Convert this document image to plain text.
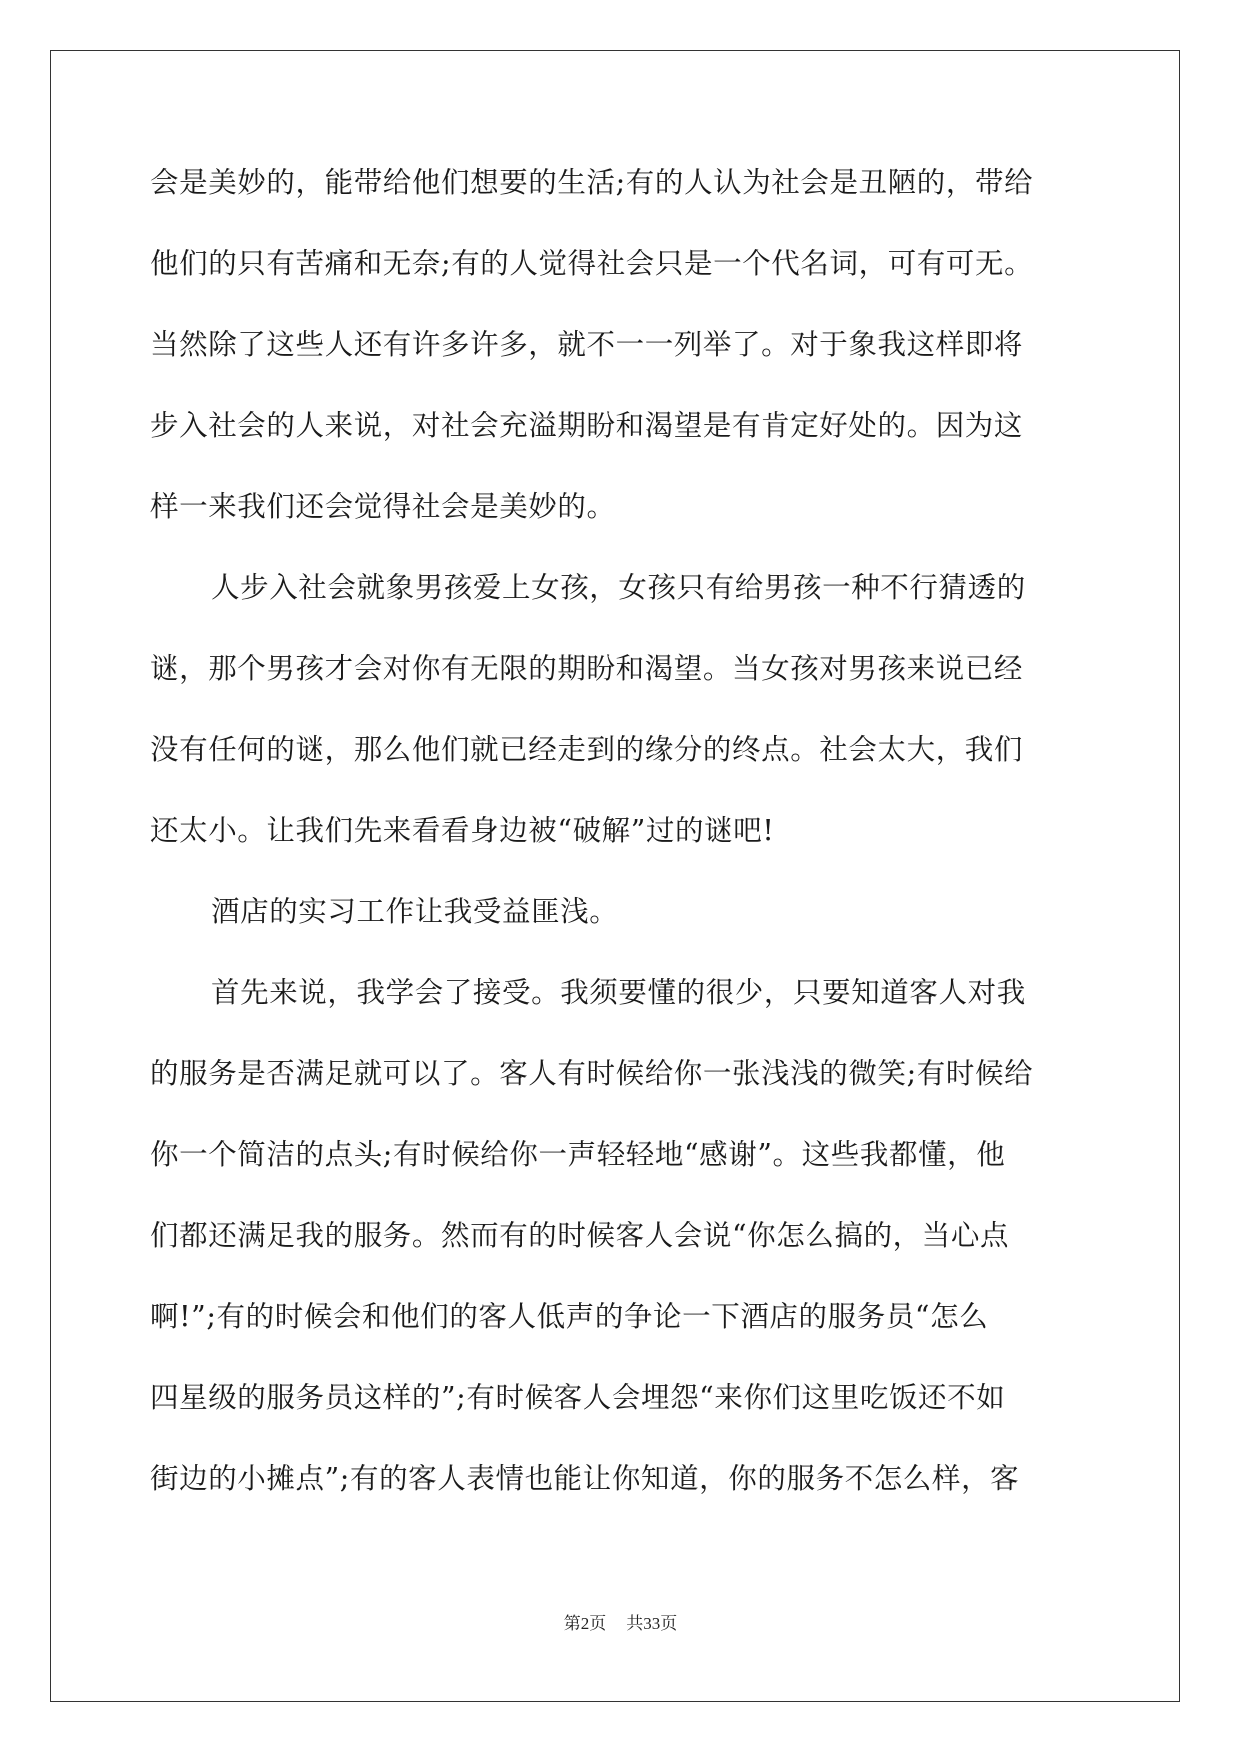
会是美妙的，能带给他们想要的生活;有的人认为社会是丑陋的，带给
他们的只有苦痛和无奈;有的人觉得社会只是一个代名词，可有可无。
当然除了这些人还有许多许多，就不一一列举了。对于象我这样即将
步入社会的人来说，对社会充溢期盼和渴望是有肯定好处的。因为这
样一来我们还会觉得社会是美妙的。
人步入社会就象男孩爱上女孩，女孩只有给男孩一种不行猜透的
谜，那个男孩才会对你有无限的期盼和渴望。当女孩对男孩来说已经
没有任何的谜，那么他们就已经走到的缘分的终点。社会太大，我们
还太小。让我们先来看看身边被“破解”过的谜吧!
酒店的实习工作让我受益匪浅。
首先来说，我学会了接受。我须要懂的很少，只要知道客人对我
的服务是否满足就可以了。客人有时候给你一张浅浅的微笑;有时候给
你一个简洁的点头;有时候给你一声轻轻地“感谢”。这些我都懂，他
们都还满足我的服务。然而有的时候客人会说“你怎么搞的，当心点
啊!”;有的时候会和他们的客人低声的争论一下酒店的服务员“怎么
四星级的服务员这样的”;有时候客人会埋怨“来你们这里吃饭还不如
街边的小摊点”;有的客人表情也能让你知道，你的服务不怎么样，客
第2页 共33页
